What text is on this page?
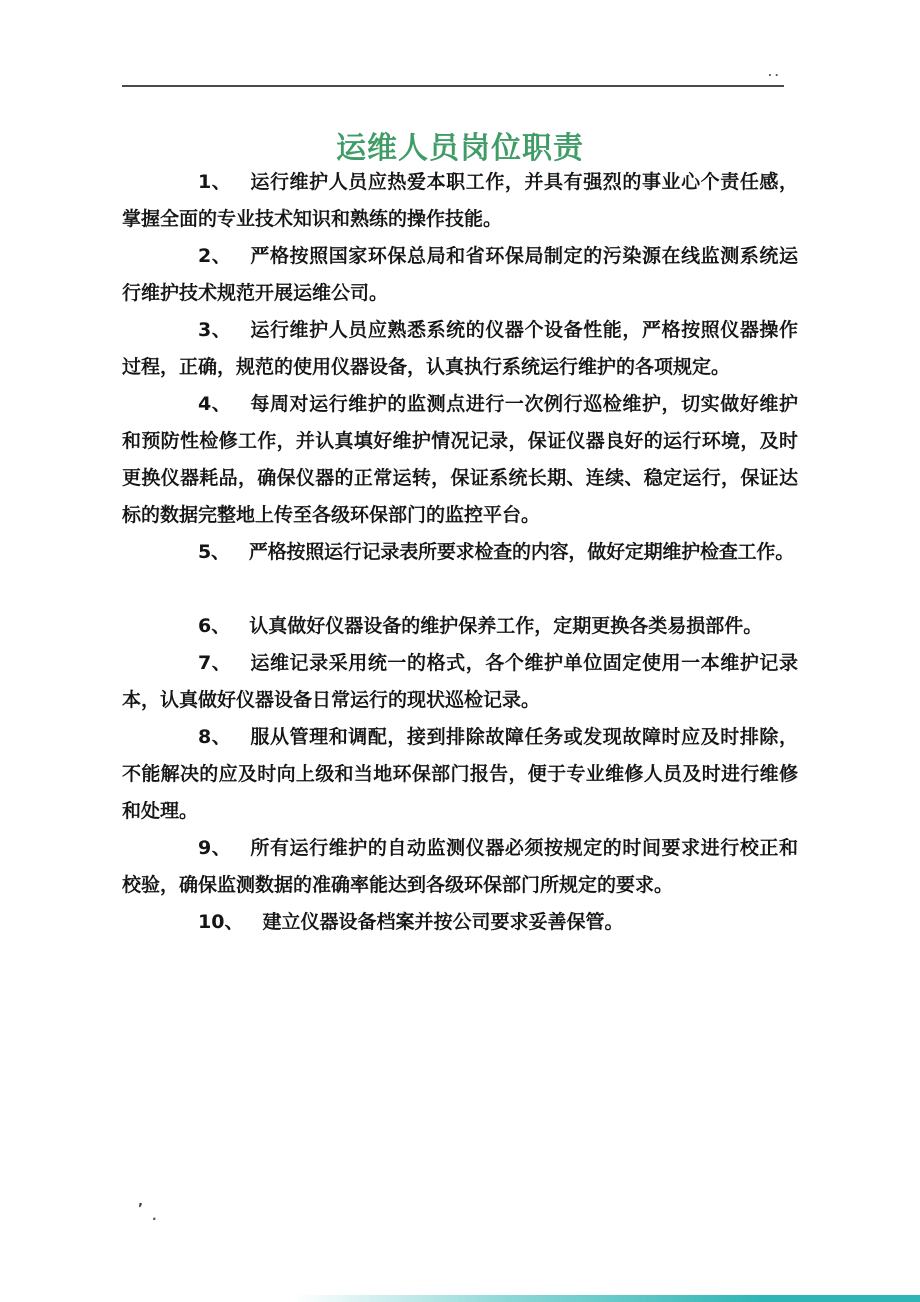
..
运维人员岗位职责

1、 运行维护人员应热爱本职工作，并具有强烈的事业心个责任感，掌握全面的专业技术知识和熟练的操作技能。

2、 严格按照国家环保总局和省环保局制定的污染源在线监测系统运行维护技术规范开展运维公司。

3、 运行维护人员应熟悉系统的仪器个设备性能，严格按照仪器操作过程，正确，规范的使用仪器设备，认真执行系统运行维护的各项规定。

4、 每周对运行维护的监测点进行一次例行巡检维护，切实做好维护和预防性检修工作，并认真填好维护情况记录，保证仪器良好的运行环境，及时更换仪器耗品，确保仪器的正常运转，保证系统长期、连续、稳定运行，保证达标的数据完整地上传至各级环保部门的监控平台。

5、 严格按照运行记录表所要求检查的内容，做好定期维护检查工作。

6、 认真做好仪器设备的维护保养工作，定期更换各类易损部件。

7、 运维记录采用统一的格式，各个维护单位固定使用一本维护记录本，认真做好仪器设备日常运行的现状巡检记录。

8、 服从管理和调配，接到排除故障任务或发现故障时应及时排除，不能解决的应及时向上级和当地环保部门报告，便于专业维修人员及时进行维修和处理。

9、 所有运行维护的自动监测仪器必须按规定的时间要求进行校正和校验，确保监测数据的准确率能达到各级环保部门所规定的要求。

10、 建立仪器设备档案并按公司要求妥善保管。

’
·
